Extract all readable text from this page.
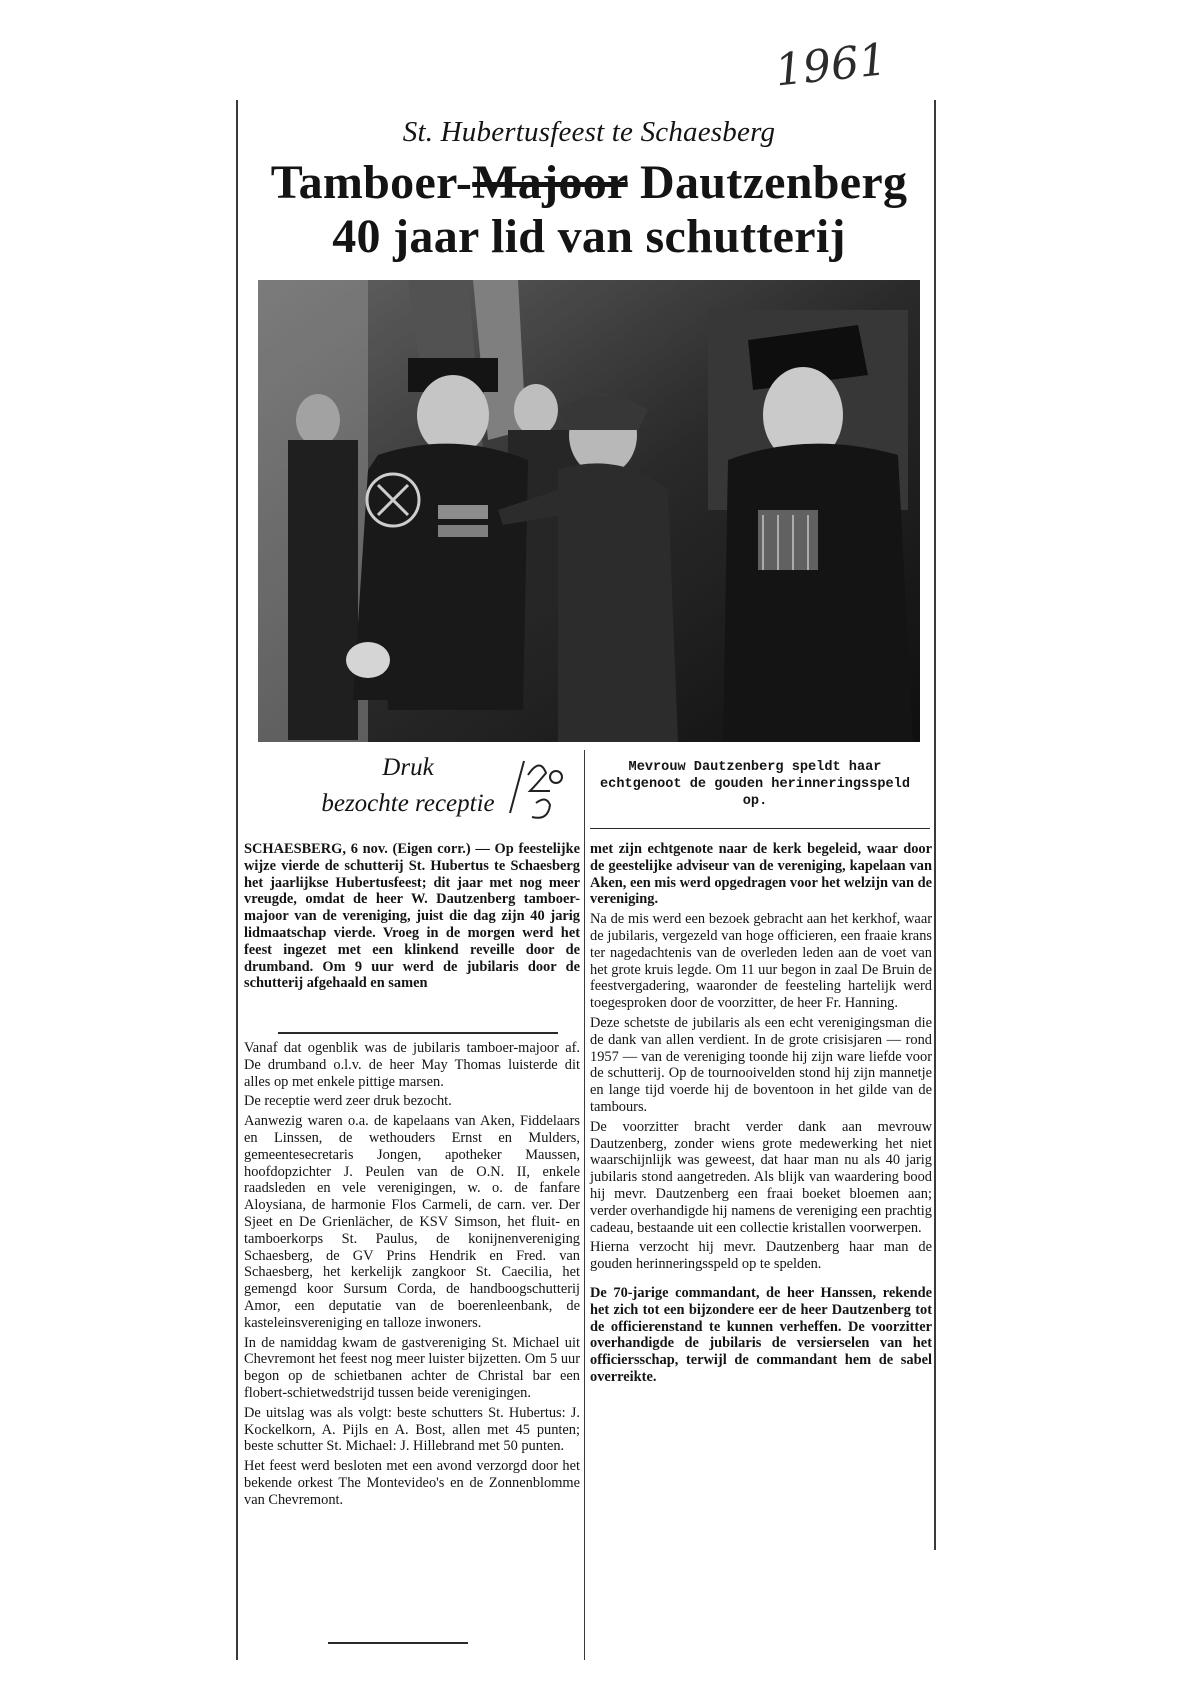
1961
St. Hubertusfeest te Schaesberg
Tamboer-Majoor Dautzenberg
40 jaar lid van schutterij
Druk
bezochte receptie
Mevrouw Dautzenberg speldt haar echtgenoot de gouden herinneringsspeld op.
SCHAESBERG, 6 nov. (Eigen corr.) — Op feestelijke wijze vierde de schutterij St. Hubertus te Schaesberg het jaarlijkse Hubertusfeest; dit jaar met nog meer vreugde, omdat de heer W. Dautzenberg tamboer-majoor van de vereniging, juist die dag zijn 40 jarig lidmaatschap vierde. Vroeg in de morgen werd het feest ingezet met een klinkend reveille door de drumband. Om 9 uur werd de jubilaris door de schutterij afgehaald en samen

Vanaf dat ogenblik was de jubilaris tamboer-majoor af. De drumband o.l.v. de heer May Thomas luisterde dit alles op met enkele pittige marsen.

De receptie werd zeer druk bezocht.

Aanwezig waren o.a. de kapelaans van Aken, Fiddelaars en Linssen, de wethouders Ernst en Mulders, gemeentesecretaris Jongen, apotheker Maussen, hoofdopzichter J. Peulen van de O.N. II, enkele raadsleden en vele verenigingen, w. o. de fanfare Aloysiana, de harmonie Flos Carmeli, de carn. ver. Der Sjeet en De Grienlächer, de KSV Simson, het fluit- en tamboerkorps St. Paulus, de konijnenvereniging Schaesberg, de GV Prins Hendrik en Fred. van Schaesberg, het kerkelijk zangkoor St. Caecilia, het gemengd koor Sursum Corda, de handboogschutterij Amor, een deputatie van de boerenleenbank, de kasteleinsvereniging en talloze inwoners.

In de namiddag kwam de gastvereniging St. Michael uit Chevremont het feest nog meer luister bijzetten. Om 5 uur begon op de schietbanen achter de Christal bar een flobert-schietwedstrijd tussen beide verenigingen.

De uitslag was als volgt: beste schutters St. Hubertus: J. Kockelkorn, A. Pijls en A. Bost, allen met 45 punten; beste schutter St. Michael: J. Hillebrand met 50 punten.

Het feest werd besloten met een avond verzorgd door het bekende orkest The Montevideo's en de Zonnenblomme van Chevremont.

met zijn echtgenote naar de kerk begeleid, waar door de geestelijke adviseur van de vereniging, kapelaan van Aken, een mis werd opgedragen voor het welzijn van de vereniging.

Na de mis werd een bezoek gebracht aan het kerkhof, waar de jubilaris, vergezeld van hoge officieren, een fraaie krans ter nagedachtenis van de overleden leden aan de voet van het grote kruis legde. Om 11 uur begon in zaal De Bruin de feestvergadering, waaronder de feesteling hartelijk werd toegesproken door de voorzitter, de heer Fr. Hanning.

Deze schetste de jubilaris als een echt verenigingsman die de dank van allen verdient. In de grote crisisjaren — rond 1957 — van de vereniging toonde hij zijn ware liefde voor de schutterij. Op de tournooivelden stond hij zijn mannetje en lange tijd voerde hij de boventoon in het gilde van de tambours.

De voorzitter bracht verder dank aan mevrouw Dautzenberg, zonder wiens grote medewerking het niet waarschijnlijk was geweest, dat haar man nu als 40 jarig jubilaris stond aangetreden. Als blijk van waardering bood hij mevr. Dautzenberg een fraai boeket bloemen aan; verder overhandigde hij namens de vereniging een prachtig cadeau, bestaande uit een collectie kristallen voorwerpen.

Hierna verzocht hij mevr. Dautzenberg haar man de gouden herinneringsspeld op te spelden.

De 70-jarige commandant, de heer Hanssen, rekende het zich tot een bijzondere eer de heer Dautzenberg tot de officierenstand te kunnen verheffen. De voorzitter overhandigde de jubilaris de versierselen van het officiersschap, terwijl de commandant hem de sabel overreikte.
